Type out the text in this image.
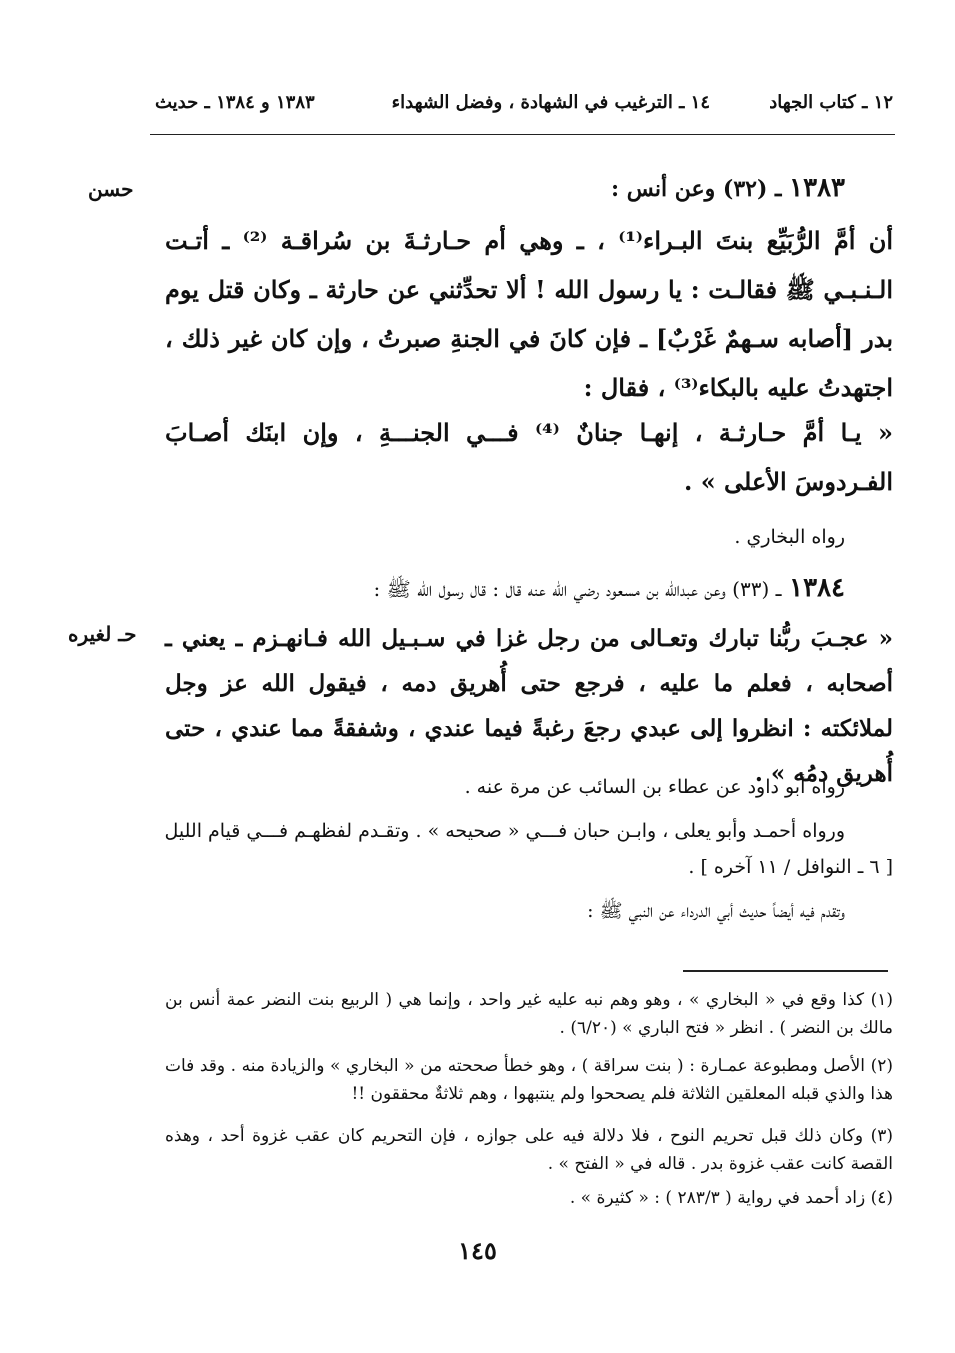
١٢ ـ كتاب الجهاد
١٤ ـ الترغيب في الشهادة ، وفضل الشهداء
١٣٨٣ و ١٣٨٤ ـ حديث
حسن	١٣٨٣ ـ (٣٢) وعن أنس :
أن أمَّ الرُّبَيِّع بنتَ البـراء⁽¹⁾ ، ـ وهي أم حـارثـةَ بن سُراقـة ⁽²⁾ ـ أتـت الـنـبـي ﷺ فقالـت : يا رسول الله ! ألا تحدِّثني عن حارثة ـ وكان قتل يوم بدر [أصابه سـهمٌ غَرْبٌ] ـ فإن كانَ في الجنةِ صبرتُ ، وإن كان غير ذلك ، اجتهدتُ عليه بالبكاء⁽³⁾ ، فقال :
« يـا أمَّ حـارثـة ، إنهـا جنانٌ ⁽⁴⁾ فـــي الجنـــةِ ، وإن ابنَك أصـابَ الفـردوسَ الأعلى » .
رواه البخاري .
١٣٨٤ ـ (٣٣) وعن عبدالله بن مسعود رضي الله عنه قال : قال رسول الله ﷺ :
حـ لغيره « عجـبَ ربُّنا تبارك وتعـالى من رجل غزا في سـبـيل الله فـانهـزم ـ يعني ـ أصحابه ، فعلم ما عليه ، فرجع حتى أُهريق دمه ، فيقول الله عز وجل لملائكته : انظروا إلى عبدي رجعَ رغبةً فيما عندي ، وشفقةً مما عندي ، حتى أُهريق دمُه » .
رواه أبو داود عن عطاء بن السائب عن مرة عنه .
ورواه أحمـد وأبو يعلى ، وابـن حبان فـــي « صحيحه » . وتقـدم لفظهـم فـــي قيام الليل
[ ٦ ـ النوافل / ١١ آخره ] .
وتقدم فيه أيضاً حديث أبي الدرداء عن النبي ﷺ :
(١) كذا وقع في « البخاري » ، وهو وهم نبه عليه غير واحد ، وإنما هي ( الربيع بنت النضر عمة أنس بن مالك بن النضر ) . انظر « فتح الباري » (٦/٢٠) .
(٢) الأصل ومطبوعة عمـارة : ( بنت سراقة ) ، وهو خطأ صححته من « البخاري » والزيادة منه . وقد فات هذا والذي قبله المعلقين الثلاثة فلم يصححوا ولم ينتبهوا ، وهم ثلاثةٌ محققون !!
(٣) وكان ذلك قبل تحريم النوح ، فلا دلالة فيه على جوازه ، فإن التحريم كان عقب غزوة أحد ، وهذه القصة كانت عقب غزوة بدر . قاله في « الفتح » .
(٤) زاد أحمد في رواية ( ٢٨٣/٣ ) : « كثيرة » .
١٤٥
